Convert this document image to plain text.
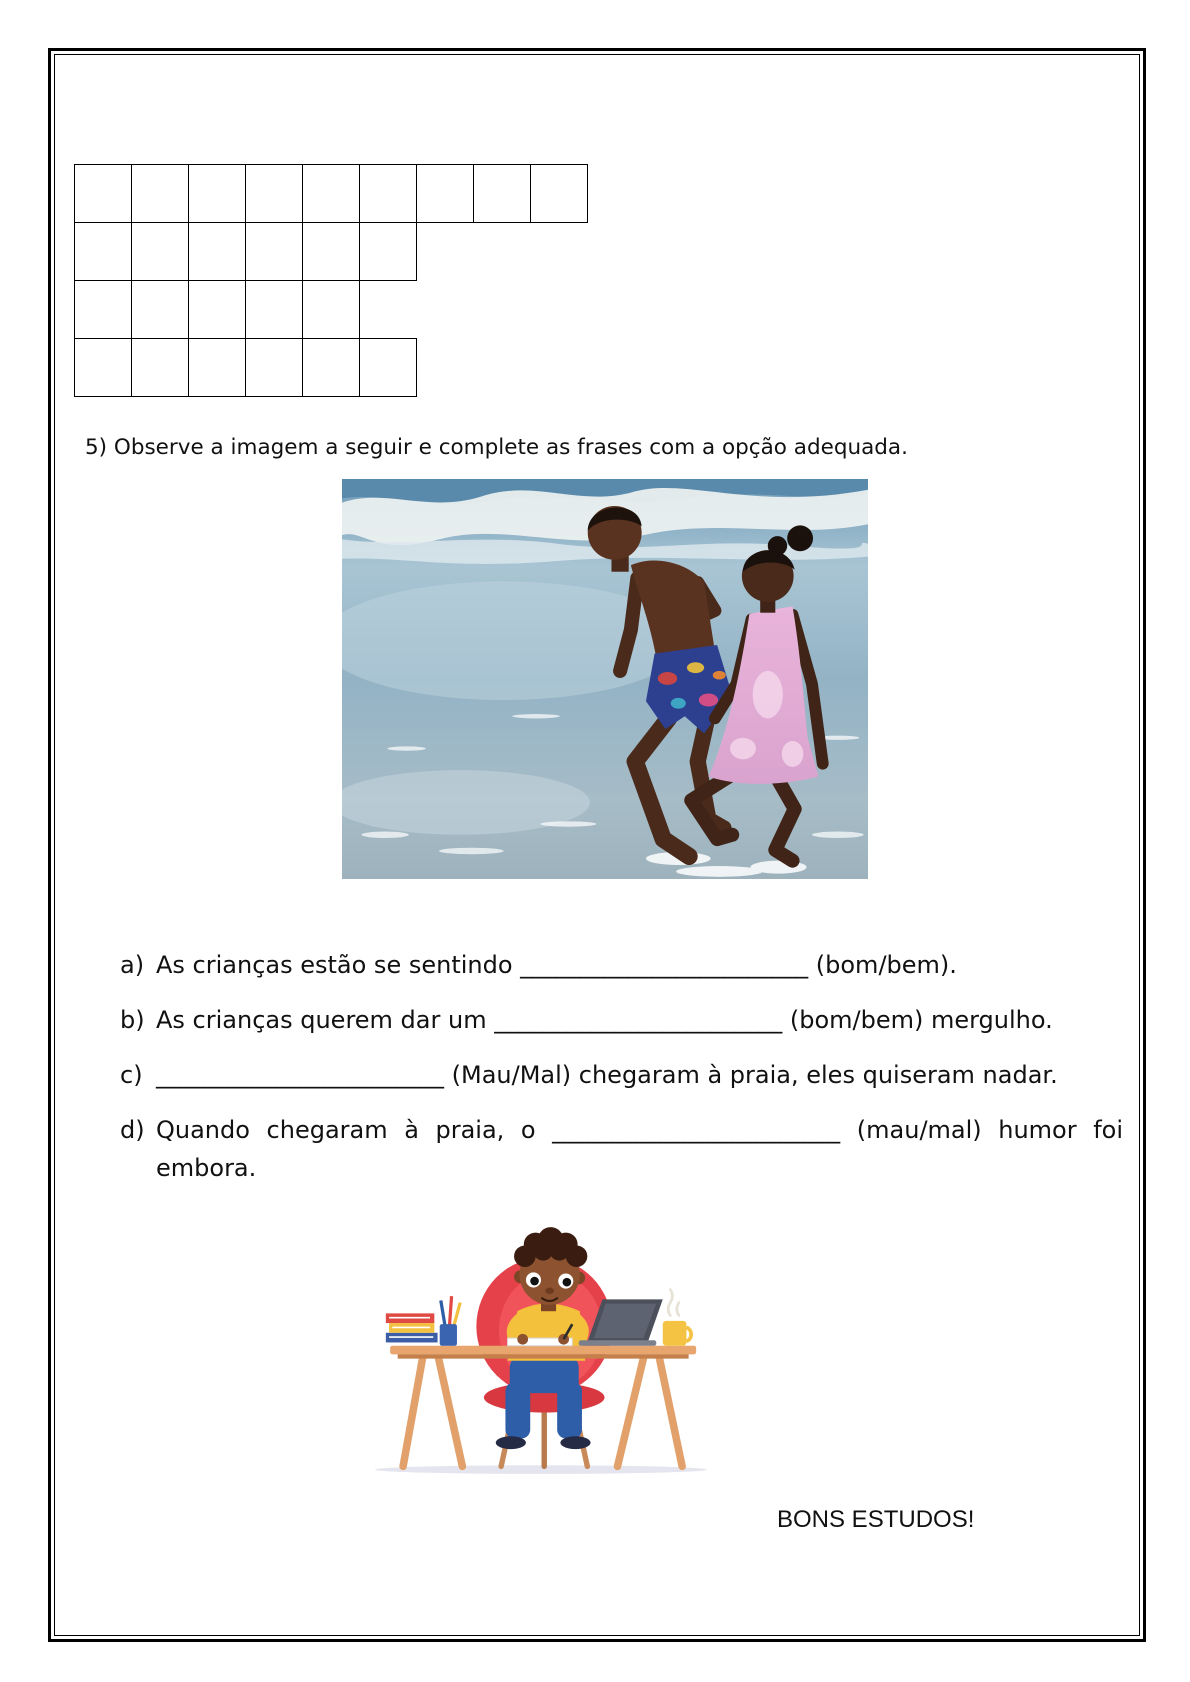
5) Observe a imagem a seguir e complete as frases com a opção adequada.
a) As crianças estão se sentindo ________________________ (bom/bem).
b) As crianças querem dar um ________________________ (bom/bem) mergulho.
c) ________________________ (Mau/Mal) chegaram à praia, eles quiseram nadar.
d) Quando chegaram à praia, o ________________________ (mau/mal) humor foi embora.
BONS ESTUDOS!
